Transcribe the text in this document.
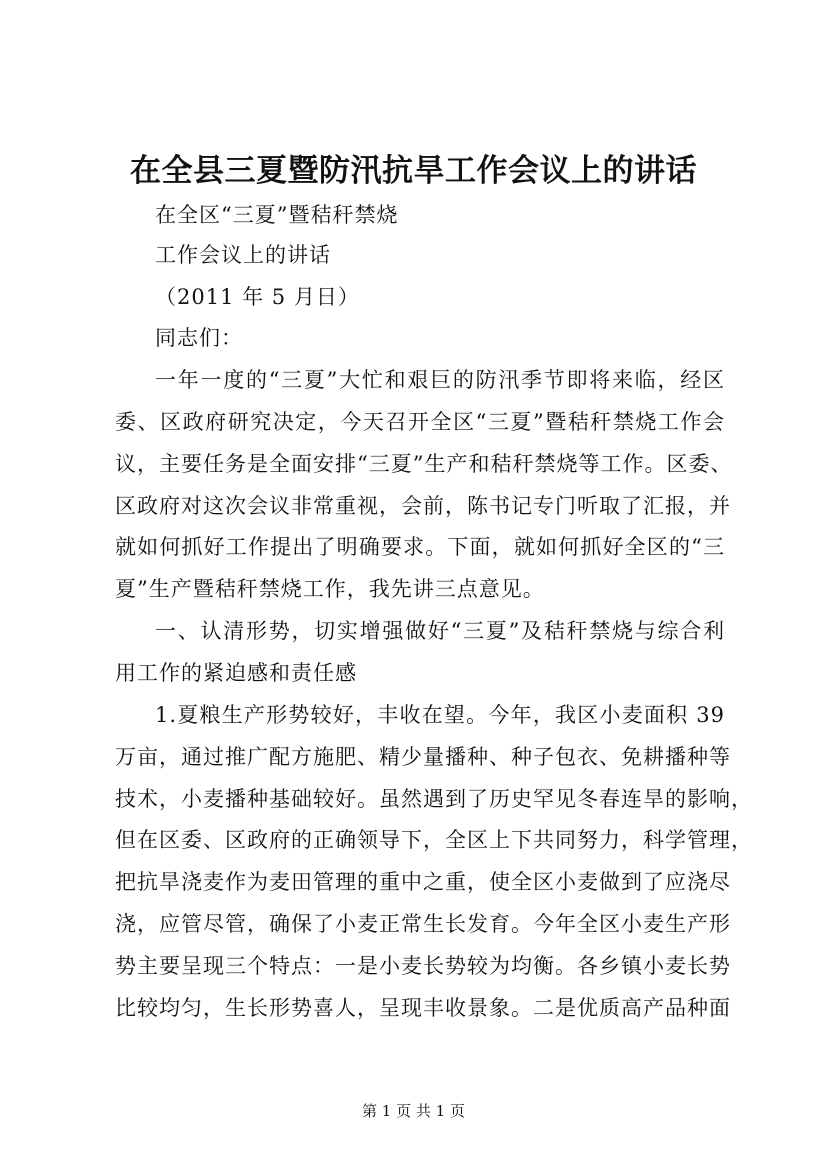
在全县三夏暨防汛抗旱工作会议上的讲话
在全区“三夏”暨秸秆禁烧
工作会议上的讲话
（2011 年 5 月日）
同志们：
一年一度的“三夏”大忙和艰巨的防汛季节即将来临，经区
委、区政府研究决定，今天召开全区“三夏”暨秸秆禁烧工作会
议，主要任务是全面安排“三夏”生产和秸秆禁烧等工作。区委、
区政府对这次会议非常重视，会前，陈书记专门听取了汇报，并
就如何抓好工作提出了明确要求。下面，就如何抓好全区的“三
夏”生产暨秸秆禁烧工作，我先讲三点意见。
一、认清形势，切实增强做好“三夏”及秸秆禁烧与综合利
用工作的紧迫感和责任感
1.夏粮生产形势较好，丰收在望。今年，我区小麦面积 39
万亩，通过推广配方施肥、精少量播种、种子包衣、免耕播种等
技术，小麦播种基础较好。虽然遇到了历史罕见冬春连旱的影响，
但在区委、区政府的正确领导下，全区上下共同努力，科学管理，
把抗旱浇麦作为麦田管理的重中之重，使全区小麦做到了应浇尽
浇，应管尽管，确保了小麦正常生长发育。今年全区小麦生产形
势主要呈现三个特点：一是小麦长势较为均衡。各乡镇小麦长势
比较均匀，生长形势喜人，呈现丰收景象。二是优质高产品种面
第 1 页 共 1 页
